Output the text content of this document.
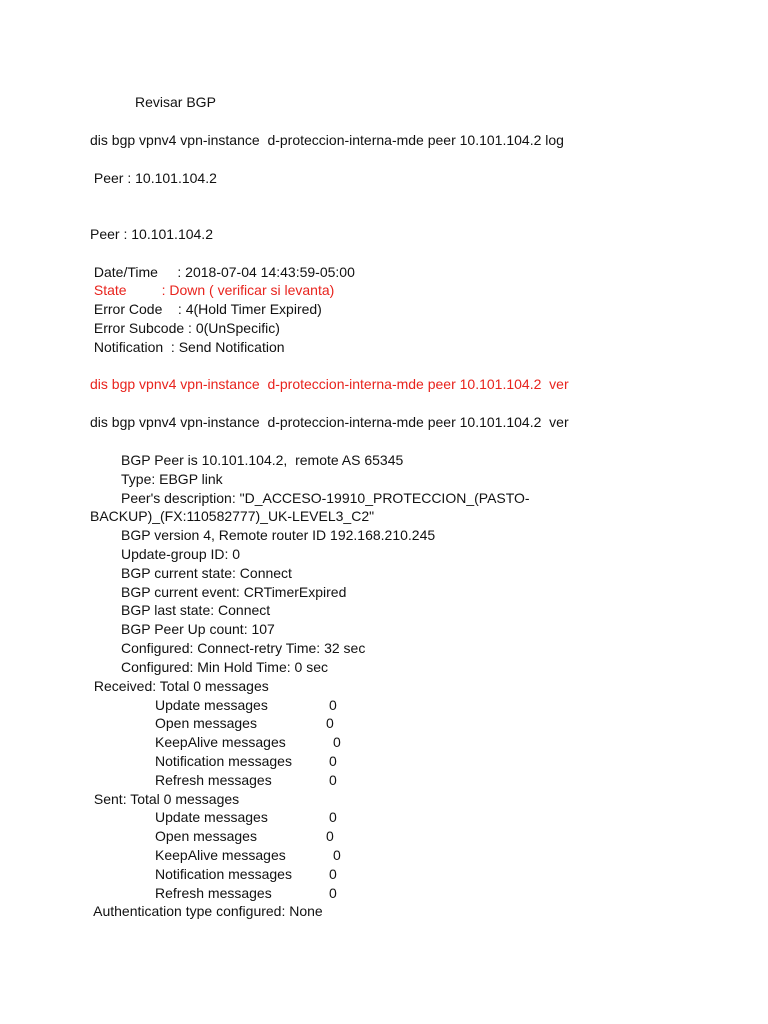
Revisar BGP

dis bgp vpnv4 vpn-instance  d-proteccion-interna-mde peer 10.101.104.2 log

Peer : 10.101.104.2

Peer : 10.101.104.2

Date/Time     : 2018-07-04 14:43:59-05:00

State         : Down ( verificar si levanta)

Error Code    : 4(Hold Timer Expired)

Error Subcode : 0(UnSpecific)

Notification  : Send Notification

dis bgp vpnv4 vpn-instance  d-proteccion-interna-mde peer 10.101.104.2  ver

dis bgp vpnv4 vpn-instance  d-proteccion-interna-mde peer 10.101.104.2  ver

BGP Peer is 10.101.104.2,  remote AS 65345

Type: EBGP link

Peer's description: "D_ACCESO-19910_PROTECCION_(PASTO-

BACKUP)_(FX:110582777)_UK-LEVEL3_C2"

BGP version 4, Remote router ID 192.168.210.245

Update-group ID: 0

BGP current state: Connect

BGP current event: CRTimerExpired

BGP last state: Connect

BGP Peer Up count: 107

Configured: Connect-retry Time: 32 sec

Configured: Min Hold Time: 0 sec

Received: Total 0 messages

Update messages	0

Open messages	0

KeepAlive messages	0

Notification messages	0

Refresh messages	0

Sent: Total 0 messages

Update messages	0

Open messages	0

KeepAlive messages	0

Notification messages	0

Refresh messages	0

Authentication type configured: None
